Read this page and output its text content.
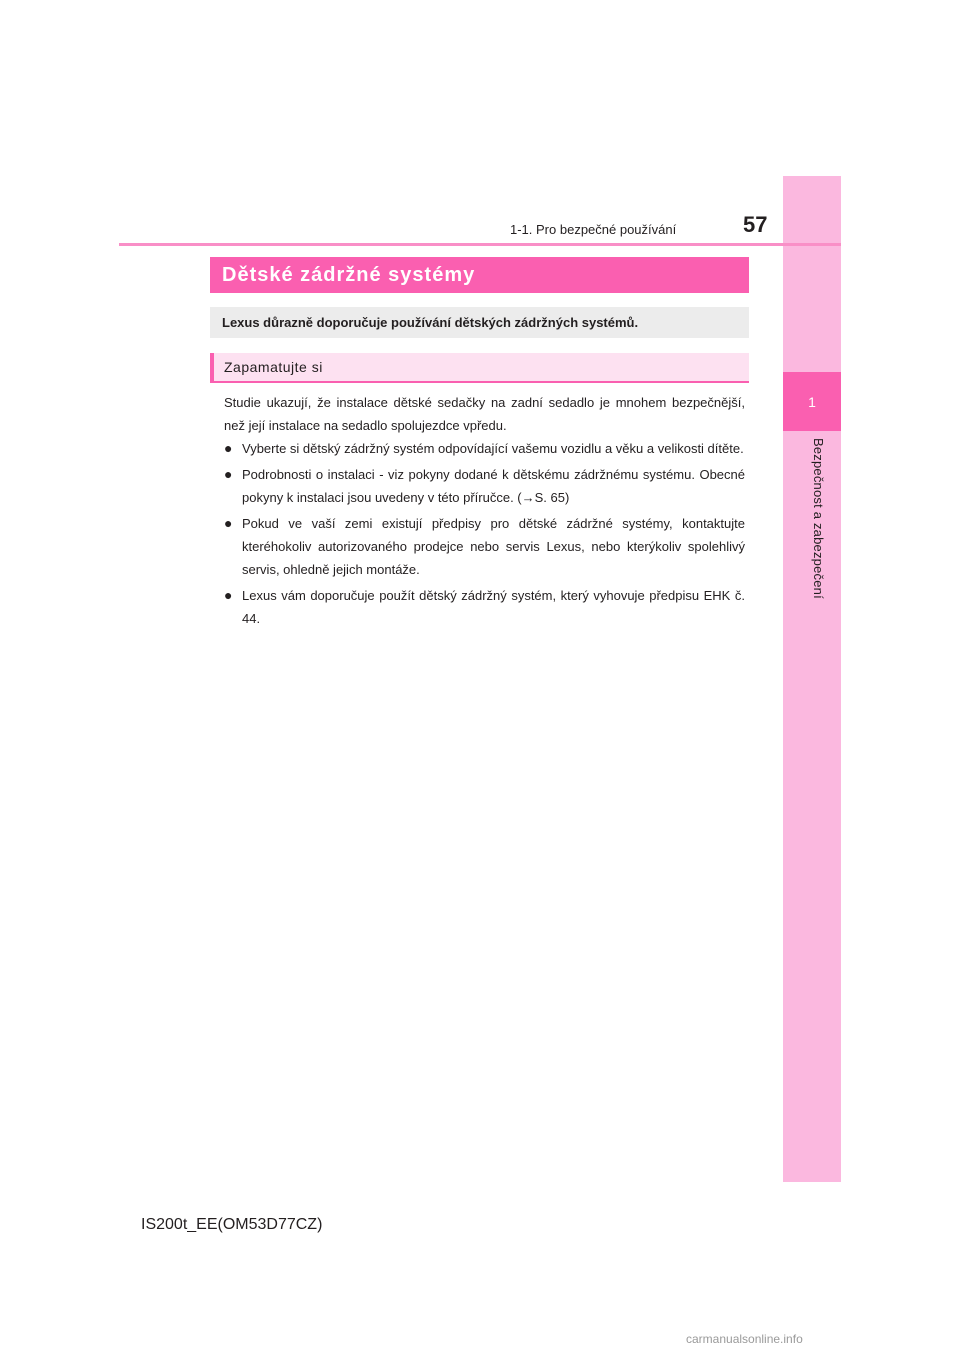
1
Bezpečnost a zabezpečení
1-1. Pro bezpečné používání	57
Dětské zádržné systémy
Lexus důrazně doporučuje používání dětských zádržných systémů.
Zapamatujte si
Studie ukazují, že instalace dětské sedačky na zadní sedadlo je mnohem bezpečnější, než její instalace na sedadlo spolujezdce vpředu.
● Vyberte si dětský zádržný systém odpovídající vašemu vozidlu a věku a velikosti dítěte.
● Podrobnosti o instalaci - viz pokyny dodané k dětskému zádržnému systému. Obecné pokyny k instalaci jsou uvedeny v této příručce. (→S. 65)
● Pokud ve vaší zemi existují předpisy pro dětské zádržné systémy, kontaktujte kteréhokoliv autorizovaného prodejce nebo servis Lexus, nebo kterýkoliv spolehlivý servis, ohledně jejich montáže.
● Lexus vám doporučuje použít dětský zádržný systém, který vyhovuje předpisu EHK č. 44.
IS200t_EE(OM53D77CZ)
carmanualsonline.info
